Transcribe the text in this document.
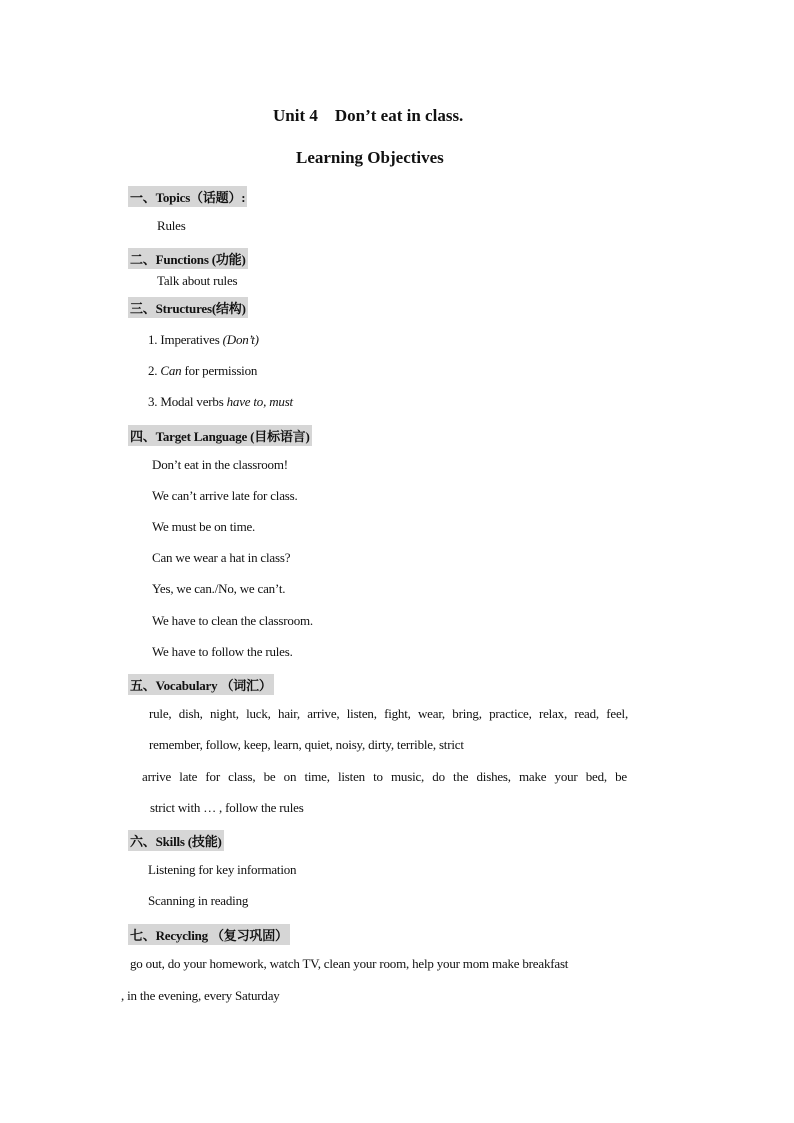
Unit 4    Don’t eat in class.
Learning Objectives
一、Topics（话题）:
Rules
二、Functions (功能)
Talk about rules
三、Structures(结构)
1. Imperatives (Don’t)
2. Can for permission
3. Modal verbs have to, must
四、Target Language (目标语言)
Don’t eat in the classroom!
We can’t arrive late for class.
We must be on time.
Can we wear a hat in class?
Yes, we can./No, we can’t.
We have to clean the classroom.
We have to follow the rules.
五、Vocabulary （词汇）
rule, dish, night, luck, hair, arrive, listen, fight, wear, bring, practice, relax, read, feel,
remember, follow, keep, learn, quiet, noisy, dirty, terrible, strict
arrive late for class, be on time, listen to music, do the dishes, make your bed, be
strict with … , follow the rules
六、Skills (技能)
Listening for key information
Scanning in reading
七、Recycling （复习巩固）
go out, do your homework, watch TV, clean your room, help your mom make breakfast
, in the evening, every Saturday
